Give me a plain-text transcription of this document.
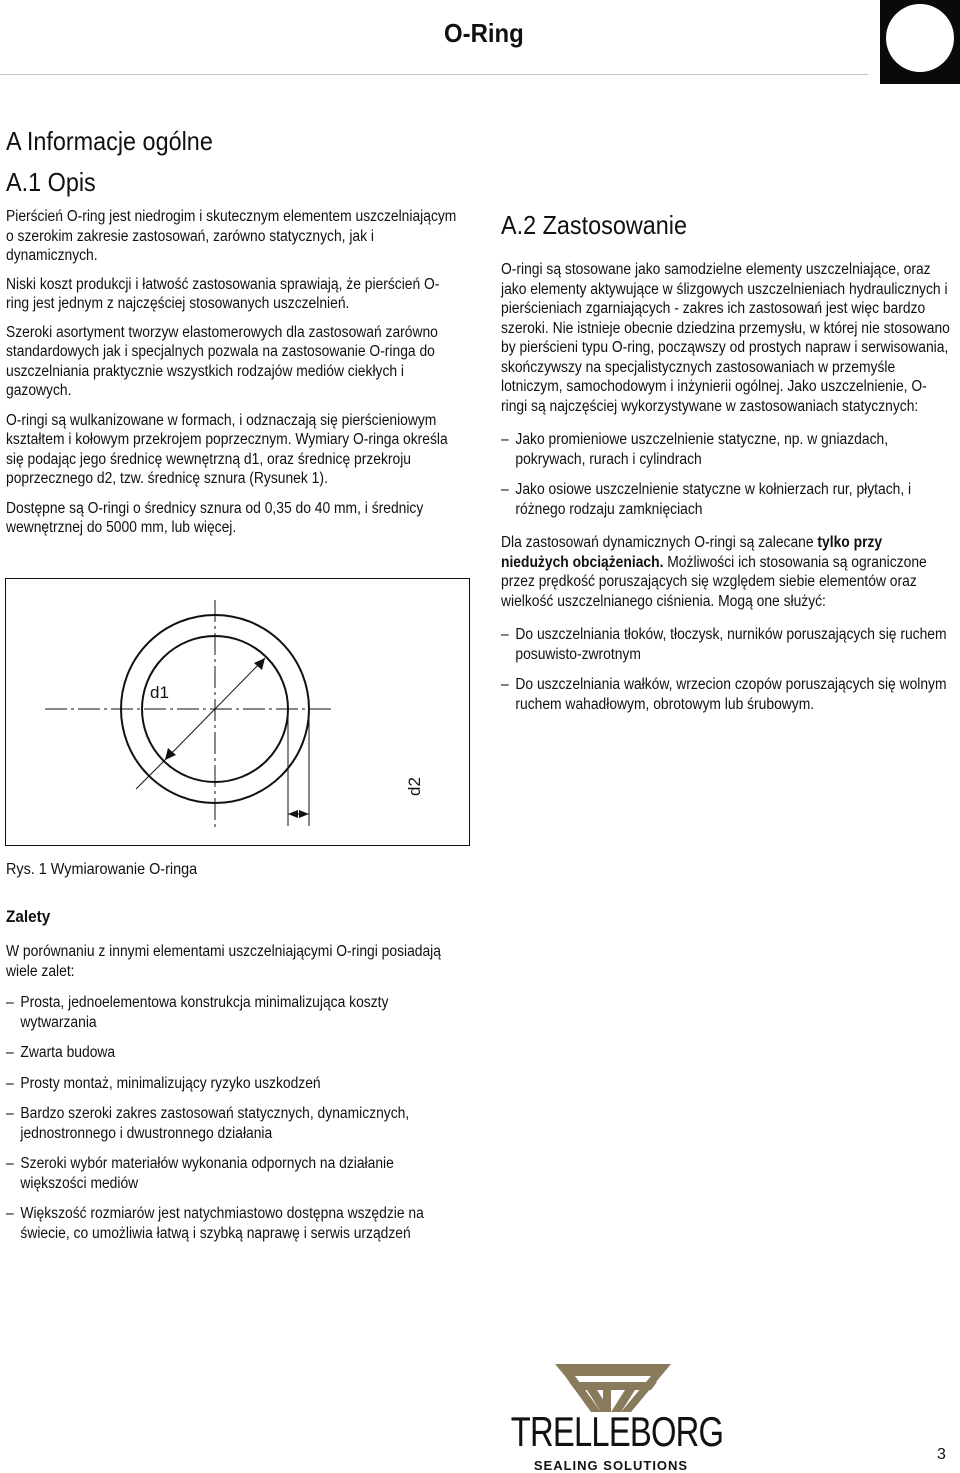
O-Ring
A Informacje ogólne
A.1 Opis

Pierścień O-ring jest niedrogim i skutecznym elementem uszczelniającym o szerokim zakresie zastosowań, zarówno statycznych, jak i dynamicznych.

Niski koszt produkcji i łatwość zastosowania sprawiają, że pierścień O-ring jest jednym z najczęściej stosowanych uszczelnień.

Szeroki asortyment tworzyw elastomerowych dla zastosowań zarówno standardowych jak i specjalnych pozwala na zastosowanie O-ringa do uszczelniania praktycznie wszystkich rodzajów mediów ciekłych i gazowych.

O-ringi są wulkanizowane w formach, i odznaczają się pierścieniowym kształtem i kołowym przekrojem poprzecznym. Wymiary O-ringa określa się podając jego średnicę wewnętrzną d1, oraz średnicę przekroju poprzecznego d2, tzw. średnicę sznura (Rysunek 1).

Dostępne są O-ringi o średnicy sznura od 0,35 do 40 mm, i średnicy wewnętrznej do 5000 mm, lub więcej.

d1
d2
Rys. 1 Wymiarowanie O-ringa
Zalety

W porównaniu z innymi elementami uszczelniającymi O-ringi posiadają wiele zalet:

– Prosta, jednoelementowa konstrukcja minimalizująca koszty wytwarzania
– Zwarta budowa
– Prosty montaż, minimalizujący ryzyko uszkodzeń
– Bardzo szeroki zakres zastosowań statycznych, dynamicznych, jednostronnego i dwustronnego działania
– Szeroki wybór materiałów wykonania odpornych na działanie większości mediów
– Większość rozmiarów jest natychmiastowo dostępna wszędzie na świecie, co umożliwia łatwą i szybką naprawę i serwis urządzeń
A.2 Zastosowanie

O-ringi są stosowane jako samodzielne elementy uszczelniające, oraz jako elementy aktywujące w ślizgowych uszczelnieniach hydraulicznych i pierścieniach zgarniających - zakres ich zastosowań jest więc bardzo szeroki. Nie istnieje obecnie dziedzina przemysłu, w której nie stosowano by pierścieni typu O-ring, począwszy od prostych napraw i serwisowania, skończywszy na specjalistycznych zastosowaniach w przemyśle lotniczym, samochodowym i inżynierii ogólnej. Jako uszczelnienie, O-ringi są najczęściej wykorzystywane w zastosowaniach statycznych:

– Jako promieniowe uszczelnienie statyczne, np. w gniazdach, pokrywach, rurach i cylindrach
– Jako osiowe uszczelnienie statyczne w kołnierzach rur, płytach, i różnego rodzaju zamknięciach

Dla zastosowań dynamicznych O-ringi są zalecane tylko przy niedużych obciążeniach. Możliwości ich stosowania są ograniczone przez prędkość poruszających się względem siebie elementów oraz wielkość uszczelnianego ciśnienia. Mogą one służyć:

– Do uszczelniania tłoków, tłoczysk, nurników poruszających się ruchem posuwisto-zwrotnym
– Do uszczelniania wałków, wrzecion czopów poruszających się wolnym ruchem wahadłowym, obrotowym lub śrubowym.
TRELLEBORG
SEALING SOLUTIONS
3
